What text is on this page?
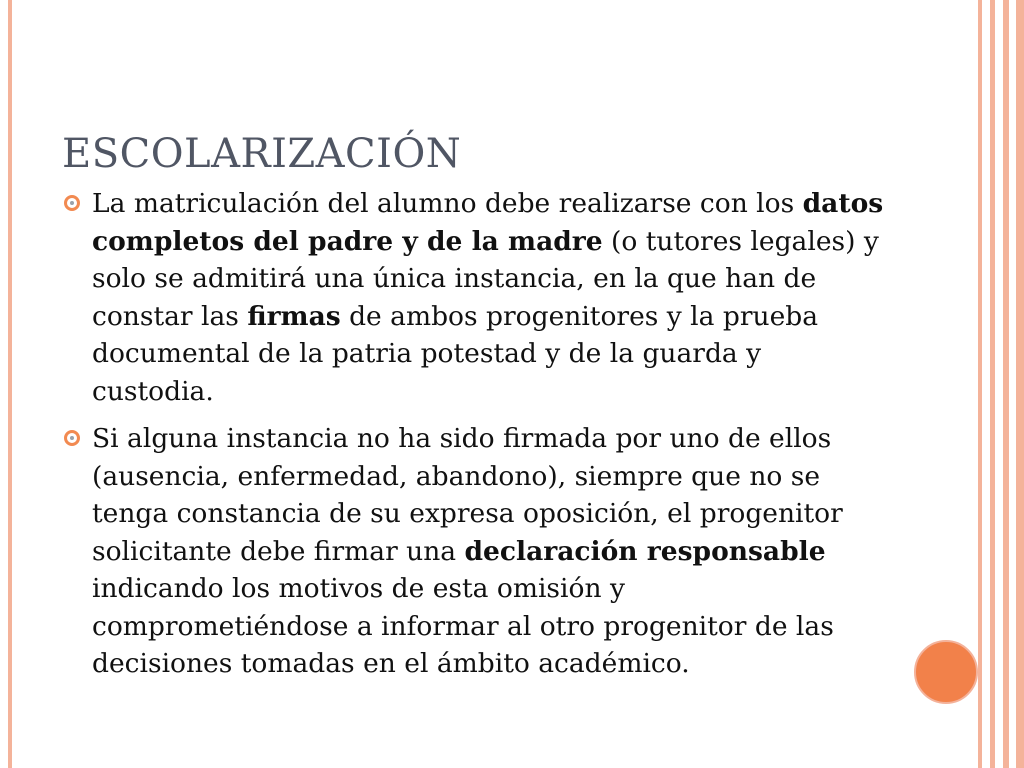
ESCOLARIZACIÓN
La matriculación del alumno debe realizarse con los datos completos del padre y de la madre (o tutores legales) y solo se admitirá una única instancia, en la que han de constar las firmas de ambos progenitores y la prueba documental de la patria potestad y de la guarda y custodia.
Si alguna instancia no ha sido firmada por uno de ellos (ausencia, enfermedad, abandono), siempre que no se tenga constancia de su expresa oposición, el progenitor solicitante debe firmar una declaración responsable indicando los motivos de esta omisión y comprometiéndose a informar al otro progenitor de las decisiones tomadas en el ámbito académico.
